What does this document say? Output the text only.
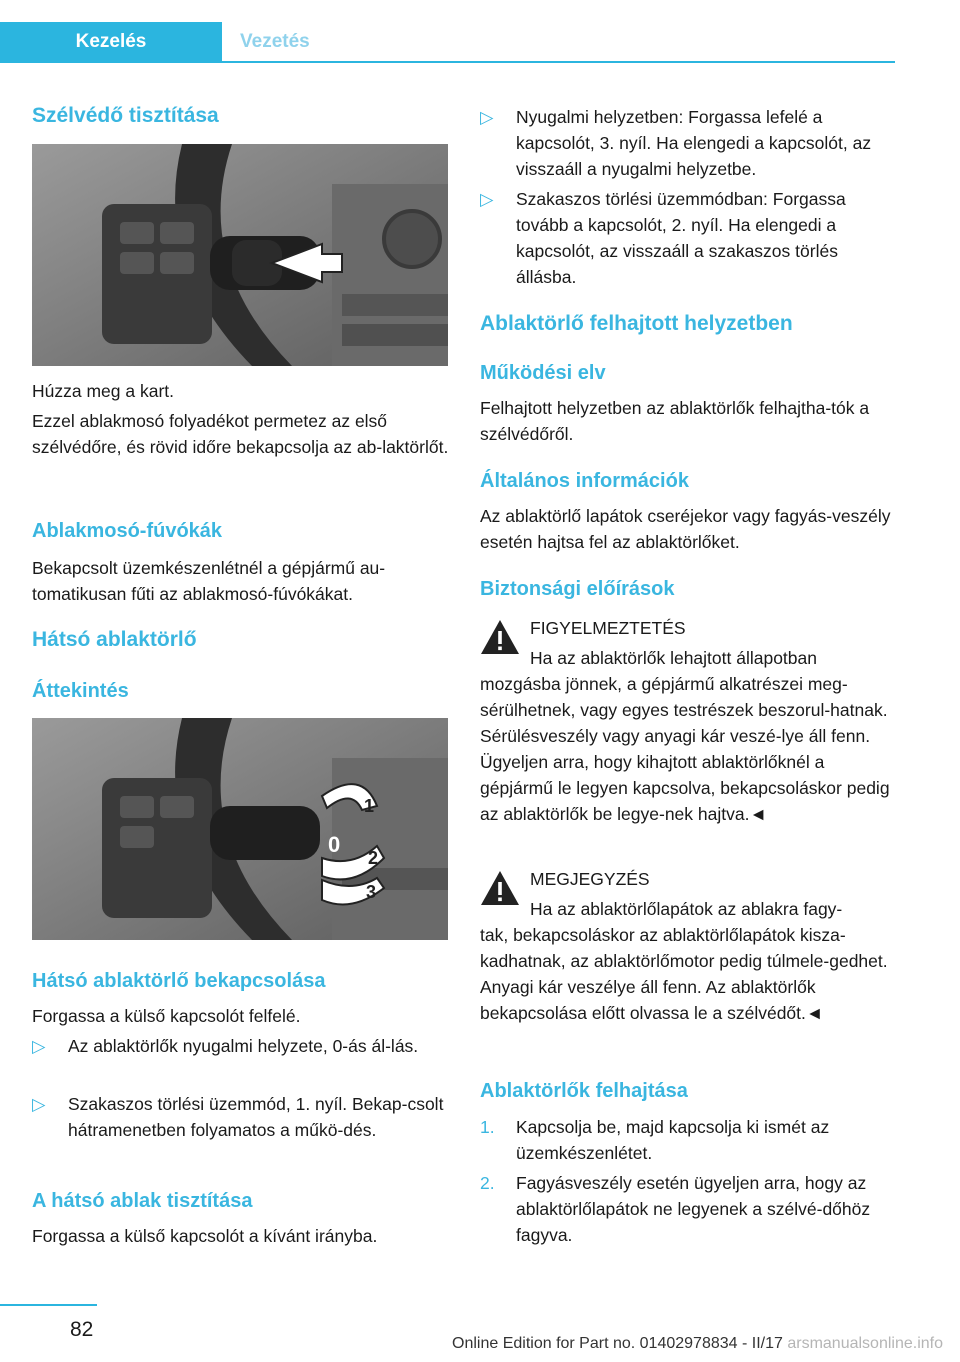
Kezelés	Vezetés
Szélvédő tisztítása

Húzza meg a kart.

Ezzel ablakmosó folyadékot permetez az első szélvédőre, és rövid időre bekapcsolja az ab-laktörlőt.

Ablakmosó-fúvókák

Bekapcsolt üzemkészenlétnél a gépjármű au-tomatikusan fűti az ablakmosó-fúvókákat.

Hátsó ablaktörlő
Áttekintés
1
0
2
3
Hátsó ablaktörlő bekapcsolása

Forgassa a külső kapcsolót felfelé.

▷ Az ablaktörlők nyugalmi helyzete, 0-ás ál-lás.
▷ Szakaszos törlési üzemmód, 1. nyíl. Bekap-csolt hátramenetben folyamatos a műkö-dés.
A hátsó ablak tisztítása

Forgassa a külső kapcsolót a kívánt irányba.

▷ Nyugalmi helyzetben: Forgassa lefelé a kapcsolót, 3. nyíl. Ha elengedi a kapcsolót, az visszaáll a nyugalmi helyzetbe.
▷ Szakaszos törlési üzemmódban: Forgassa tovább a kapcsolót, 2. nyíl. Ha elengedi a kapcsolót, az visszaáll a szakaszos törlés állásba.
Ablaktörlő felhajtott helyzetben
Működési elv

Felhajtott helyzetben az ablaktörlők felhajtha-tók a szélvédőről.

Általános információk

Az ablaktörlő lapátok cseréjekor vagy fagyás-veszély esetén hajtsa fel az ablaktörlőket.

Biztonsági előírások
FIGYELMEZTETÉS
Ha az ablaktörlők lehajtott állapotban

mozgásba jönnek, a gépjármű alkatrészei meg-sérülhetnek, vagy egyes testrészek beszorul-hatnak. Sérülésveszély vagy anyagi kár veszé-lye áll fenn. Ügyeljen arra, hogy kihajtott ablaktörlőknél a gépjármű le legyen kapcsolva, bekapcsoláskor pedig az ablaktörlők be legye-nek hajtva.◄

MEGJEGYZÉS
Ha az ablaktörlőlapátok az ablakra fagy-

tak, bekapcsoláskor az ablaktörlőlapátok kisza-kadhatnak, az ablaktörlőmotor pedig túlmele-gedhet. Anyagi kár veszélye áll fenn. Az ablaktörlők bekapcsolása előtt olvassa le a szélvédőt.◄

Ablaktörlők felhajtása
1. Kapcsolja be, majd kapcsolja ki ismét az üzemkészenlétet.
2. Fagyásveszély esetén ügyeljen arra, hogy az ablaktörlőlapátok ne legyenek a szélvé-dőhöz fagyva.
82
Online Edition for Part no. 01402978834 - II/17 arsmanualsonline.info
